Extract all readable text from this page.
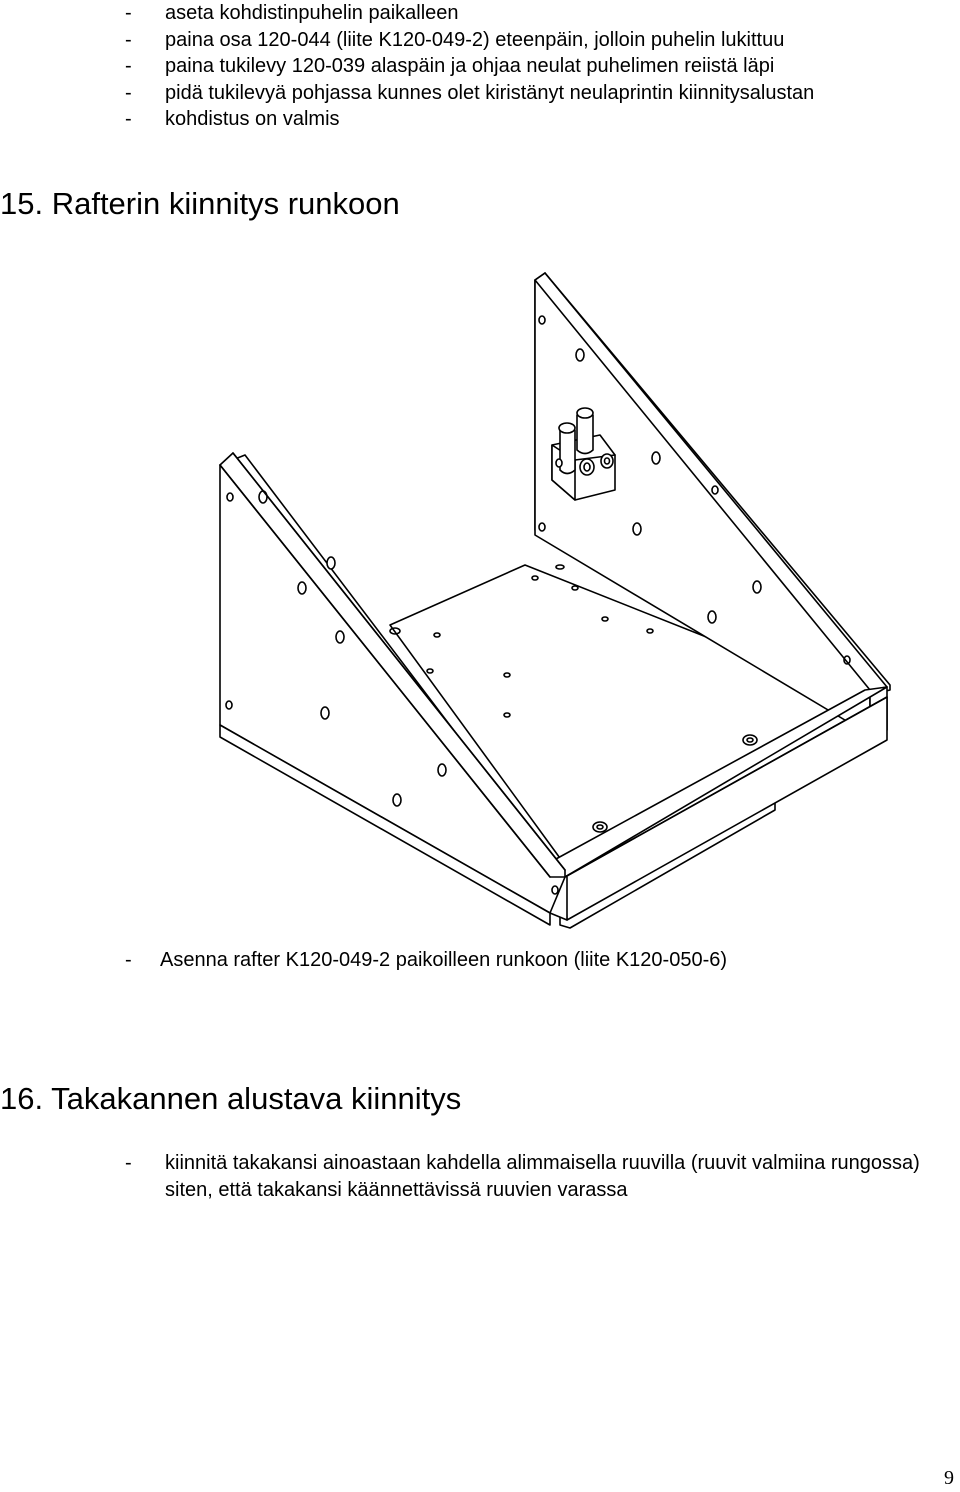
- aseta kohdistinpuhelin paikalleen
- paina osa 120-044 (liite K120-049-2) eteenpäin, jolloin puhelin lukittuu
- paina tukilevy 120-039 alaspäin ja ohjaa neulat puhelimen reiistä läpi
- pidä tukilevyä pohjassa kunnes olet kiristänyt neulaprintin kiinnitysalustan
- kohdistus on valmis
15. Rafterin kiinnitys runkoon
- Asenna rafter K120-049-2 paikoilleen runkoon (liite K120-050-6)
16. Takakannen alustava kiinnitys
- kiinnitä takakansi ainoastaan kahdella alimmaisella ruuvilla (ruuvit valmiina rungossa) siten, että takakansi käännettävissä ruuvien varassa
9
